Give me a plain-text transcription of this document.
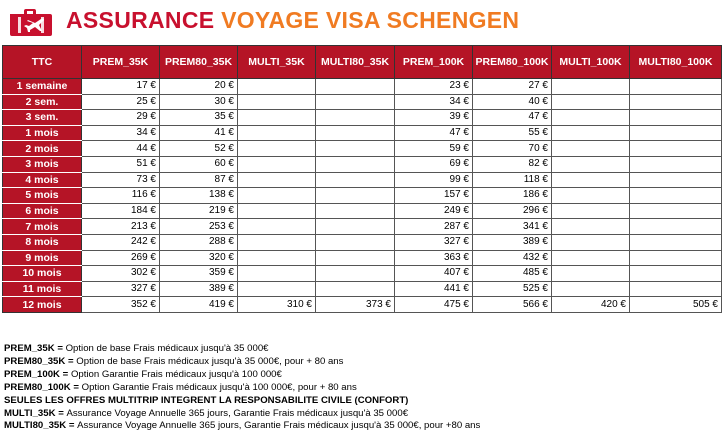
ASSURANCE VOYAGE VISA SCHENGEN
TTC	PREM_35K	PREM80_35K	MULTI_35K	MULTI80_35K	PREM_100K	PREM80_100K	MULTI_100K	MULTI80_100K
1 semaine	17 €	20 €			23 €	27 €		
2 sem.	25 €	30 €			34 €	40 €		
3 sem.	29 €	35 €			39 €	47 €		
1 mois	34 €	41 €			47 €	55 €		
2 mois	44 €	52 €			59 €	70 €		
3 mois	51 €	60 €			69 €	82 €		
4 mois	73 €	87 €			99 €	118 €		
5 mois	116 €	138 €			157 €	186 €		
6 mois	184 €	219 €			249 €	296 €		
7 mois	213 €	253 €			287 €	341 €		
8 mois	242 €	288 €			327 €	389 €		
9 mois	269 €	320 €			363 €	432 €		
10 mois	302 €	359 €			407 €	485 €		
11 mois	327 €	389 €			441 €	525 €		
12 mois	352 €	419 €	310 €	373 €	475 €	566 €	420 €	505 €
PREM_35K = Option de base Frais médicaux jusqu'à 35 000€
PREM80_35K = Option de base Frais médicaux jusqu'à 35 000€, pour + 80 ans
PREM_100K = Option Garantie Frais médicaux jusqu'à 100 000€
PREM80_100K = Option Garantie Frais médicaux jusqu'à 100 000€, pour + 80 ans
SEULES LES OFFRES MULTITRIP INTEGRENT LA RESPONSABILITE CIVILE (CONFORT)
MULTI_35K = Assurance Voyage Annuelle 365 jours, Garantie Frais médicaux jusqu'à 35 000€
MULTI80_35K = Assurance Voyage Annuelle 365 jours, Garantie Frais médicaux jusqu'à 35 000€, pour +80 ans
